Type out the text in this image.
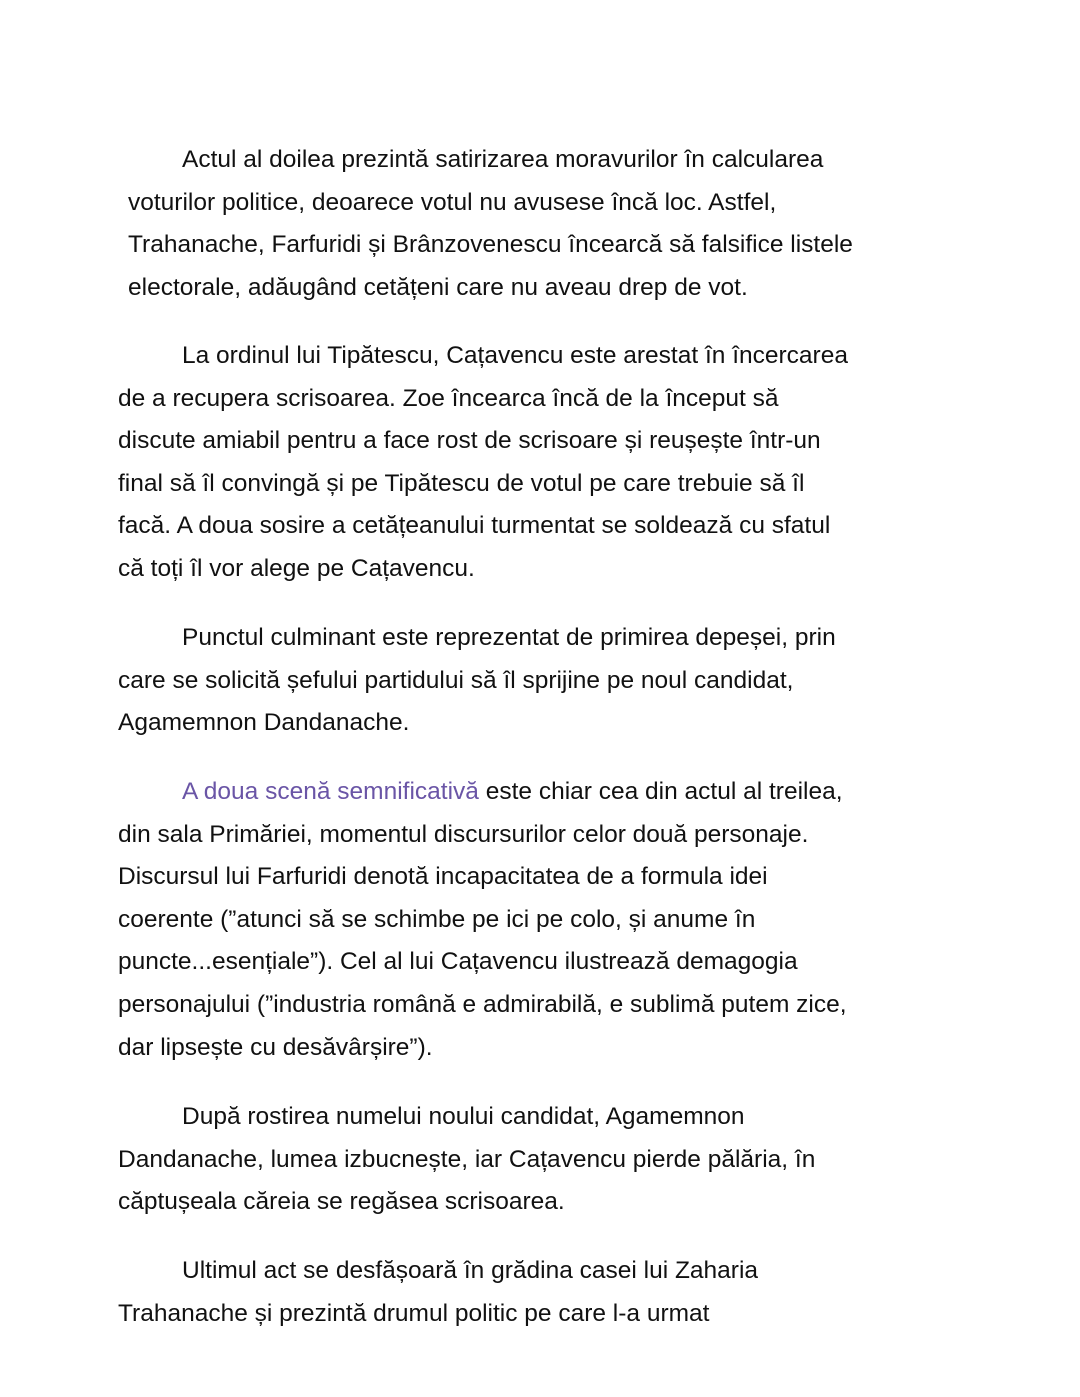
Actul al doilea prezintă satirizarea moravurilor în calcularea
voturilor politice, deoarece votul nu avusese încă loc. Astfel,
Trahanache, Farfuridi și Brânzovenescu încearcă să falsifice listele
electorale, adăugând cetățeni care nu aveau drep de vot.
La ordinul lui Tipătescu, Cațavencu este arestat în încercarea
de a recupera scrisoarea. Zoe încearca încă de la început să
discute amiabil pentru a face rost de scrisoare și reușește într-un
final să îl convingă și pe Tipătescu de votul pe care trebuie să îl
facă. A doua sosire a cetățeanului turmentat se soldează cu sfatul
că toți îl vor alege pe Cațavencu.
Punctul culminant este reprezentat de primirea depeșei, prin
care se solicită șefului partidului să îl sprijine pe noul candidat,
Agamemnon Dandanache.
A doua scenă semnificativă este chiar cea din actul al treilea,
din sala Primăriei, momentul discursurilor celor două personaje.
Discursul lui Farfuridi denotă incapacitatea de a formula idei
coerente (”atunci să se schimbe pe ici pe colo, și anume în
puncte...esențiale”). Cel al lui Cațavencu ilustrează demagogia
personajului (”industria română e admirabilă, e sublimă putem zice,
dar lipsește cu desăvârșire”).
După rostirea numelui noului candidat, Agamemnon
Dandanache, lumea izbucnește, iar Cațavencu pierde pălăria, în
căptușeala căreia se regăsea scrisoarea.
Ultimul act se desfășoară în grădina casei lui Zaharia
Trahanache și prezintă drumul politic pe care l-a urmat
